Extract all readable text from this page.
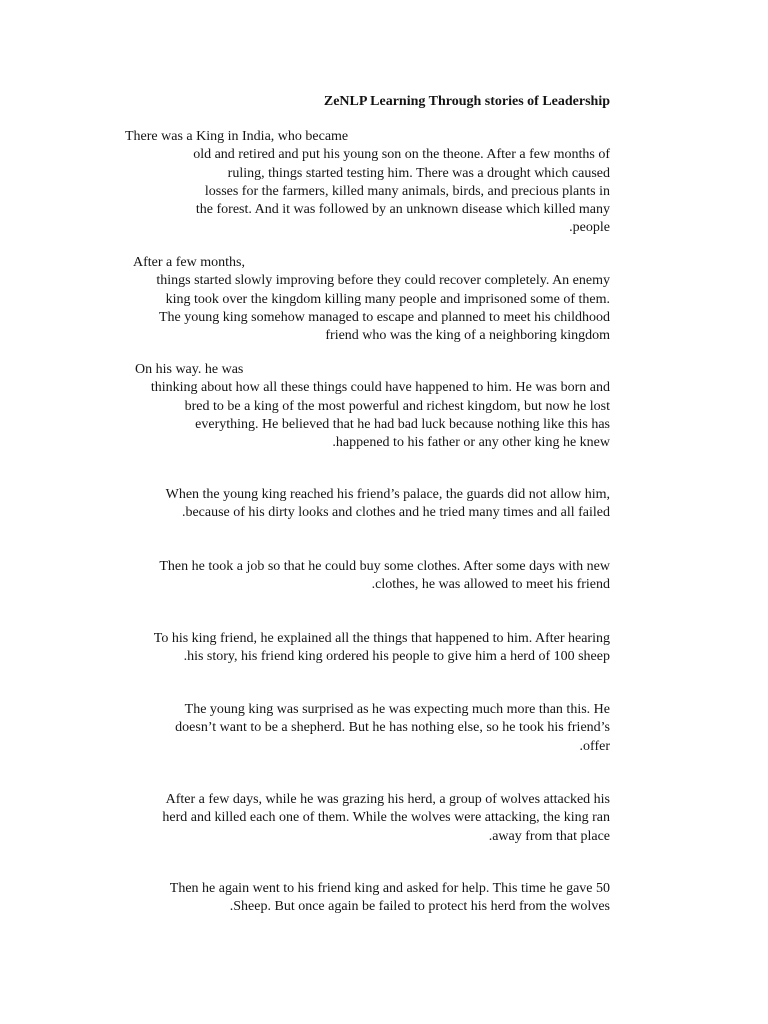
ZeNLP Learning Through stories of Leadership
There was a King in India, who became
old and retired and put his young son on the theone. After a few months of
ruling, things started testing him. There was a drought which caused
losses for the farmers, killed many animals, birds, and precious plants in
the forest. And it was followed by an unknown disease which killed many
.people
After a few months,
things started slowly improving before they could recover completely. An enemy
king took over the kingdom killing many people and imprisoned some of them.
The young king somehow managed to escape and planned to meet his childhood
friend who was the king of a neighboring kingdom
On his way. he was
thinking about how all these things could have happened to him. He was born and
bred to be a king of the most powerful and richest kingdom, but now he lost
everything. He believed that he had bad luck because nothing like this has
.happened to his father or any other king he knew
When the young king reached his friend’s palace, the guards did not allow him,
.because of his dirty looks and clothes and he tried many times and all failed
Then he took a job so that he could buy some clothes. After some days with new
.clothes, he was allowed to meet his friend
To his king friend, he explained all the things that happened to him. After hearing
.his story, his friend king ordered his people to give him a herd of 100 sheep
The young king was surprised as he was expecting much more than this. He
doesn’t want to be a shepherd. But he has nothing else, so he took his friend’s
.offer
After a few days, while he was grazing his herd, a group of wolves attacked his
herd and killed each one of them. While the wolves were attacking, the king ran
.away from that place
Then he again went to his friend king and asked for help. This time he gave 50
.Sheep. But once again be failed to protect his herd from the wolves
